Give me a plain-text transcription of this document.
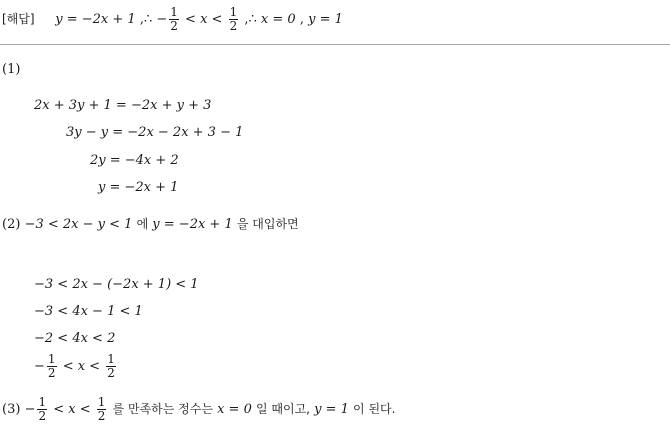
[해답] y = −2x + 1 ,∴ − $\frac{1}{2} < x < \frac{1}{2}$ ,∴ x = 0 , y = 1
(1)
2x + 3y + 1 = −2x + y + 3
3y − y = −2x − 2x + 3 − 1
2y = −4x + 2
y = −2x + 1
(2) −3 < 2x − y < 1 에 y = −2x + 1 을 대입하면
−3 < 2x − (−2x + 1) < 1
−3 < 4x − 1 < 1
−2 < 4x < 2
− $\frac{1}{2} < x < \frac{1}{2}$
$(3) - \frac{1}{2} < x < \frac{1}{2}$ 를 만족하는 정수는 x = 0 일 때이고, y = 1 이 된다.
